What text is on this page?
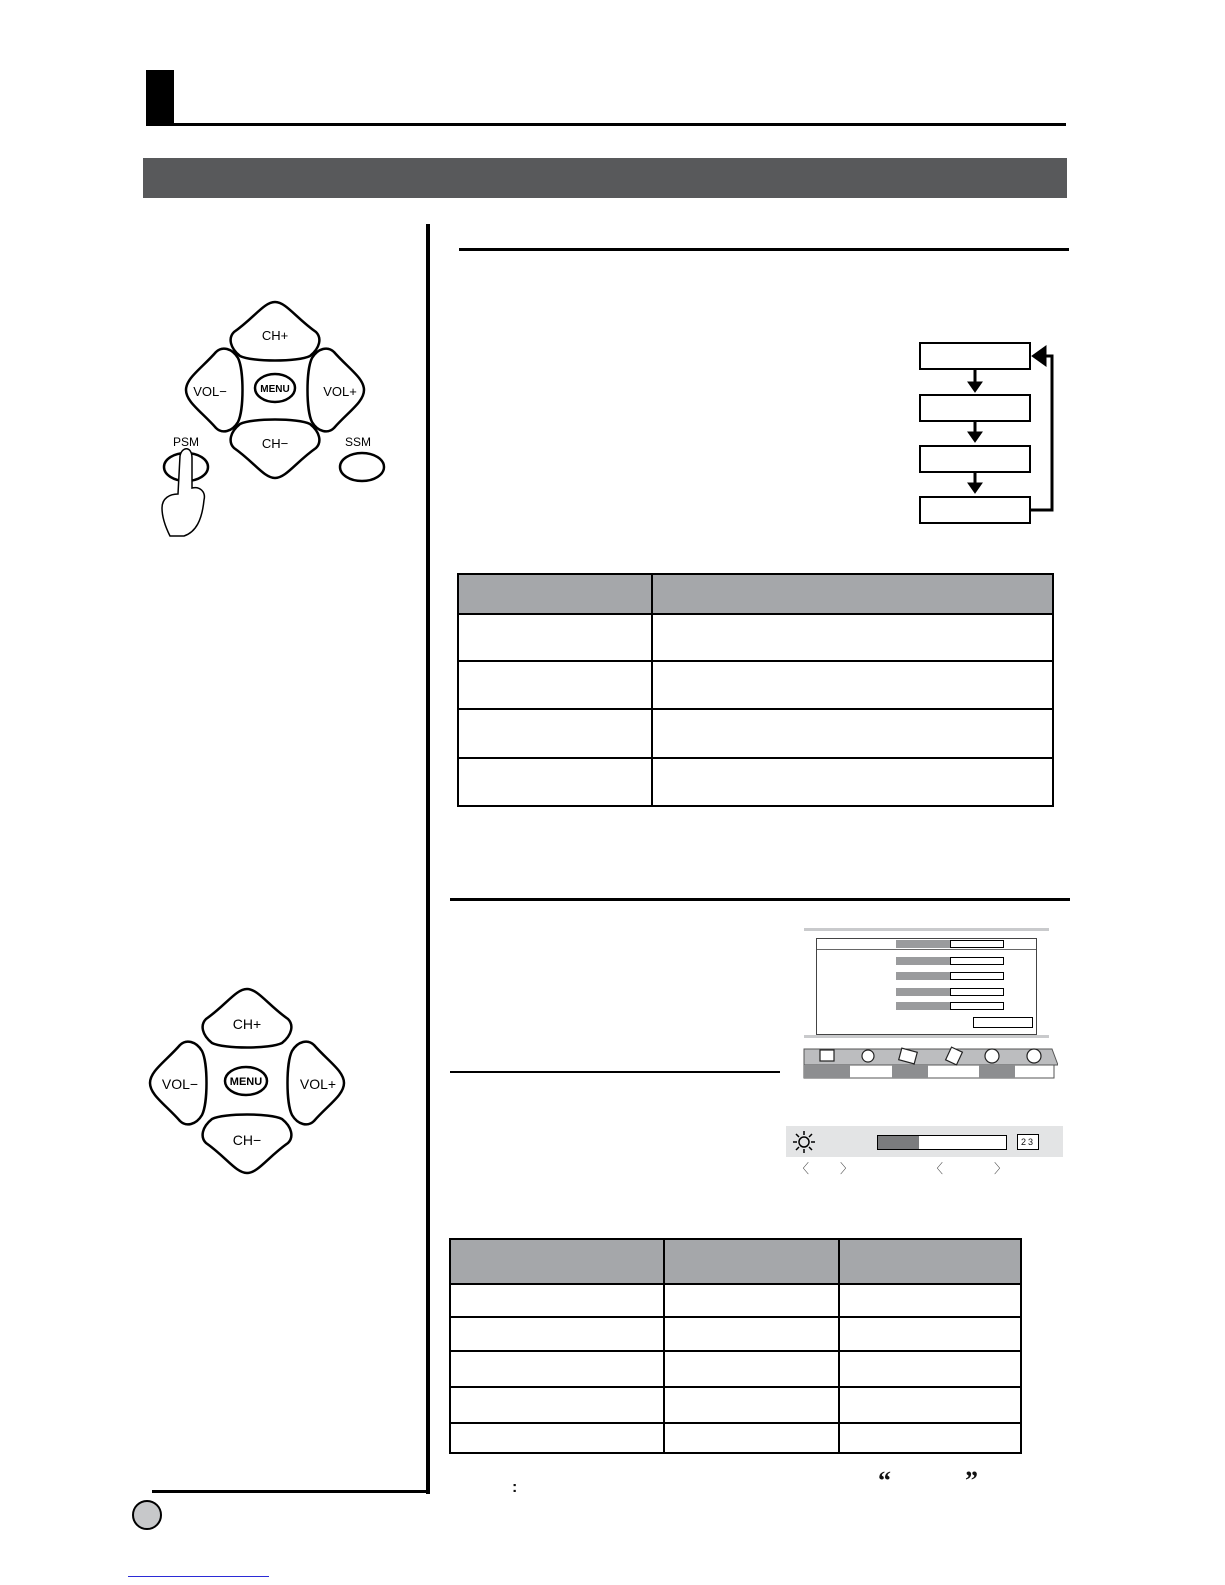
CH+
CH−
VOL−	VOL+
MENU
PSM	SSM
CH+
CH−
VOL−	VOL+
MENU

23
〈 〉	〈	〉

:	“	”
